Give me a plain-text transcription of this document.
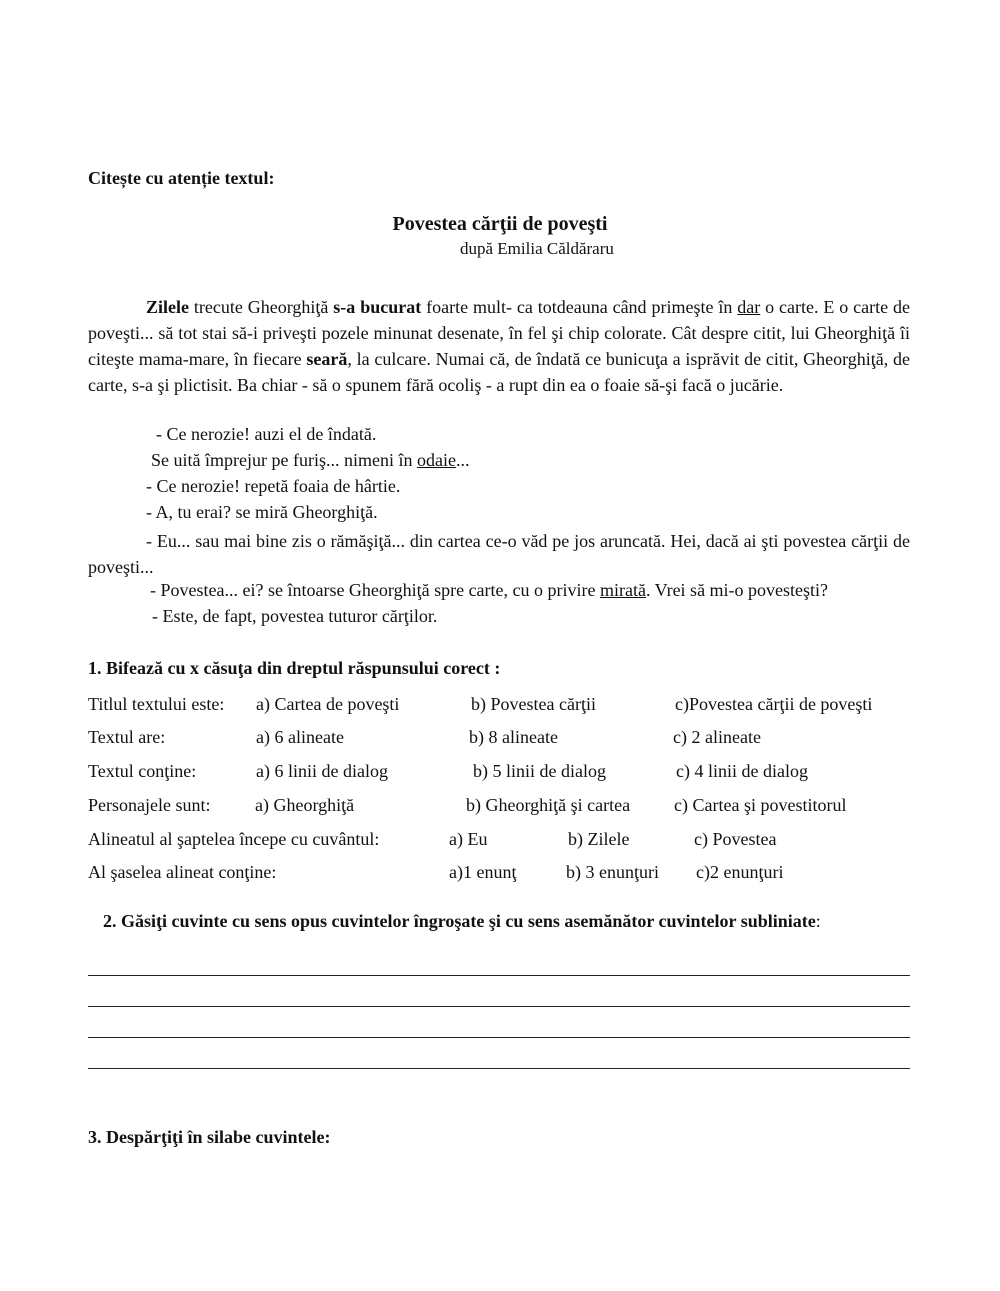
Citește cu atenție textul:
Povestea cărţii de poveşti
după Emilia Căldăraru

Zilele trecute Gheorghiţă s-a bucurat foarte mult- ca totdeauna când primeşte în dar o carte. E o carte de poveşti... să tot stai să-i priveşti pozele minunat desenate, în fel şi chip colorate. Cât despre citit, lui Gheorghiţă îi citeşte mama-mare, în fiecare seară, la culcare. Numai că, de îndată ce bunicuţa a isprăvit de citit, Gheorghiţă, de carte, s-a şi plictisit. Ba chiar - să o spunem fără ocoliş - a rupt din ea o foaie să-şi facă o jucărie.

- Ce nerozie! auzi el de îndată.
Se uită împrejur pe furiş... nimeni în odaie...
- Ce nerozie! repetă foaia de hârtie.
- A, tu erai? se miră Gheorghiţă.

- Eu... sau mai bine zis o rămăşiţă... din cartea ce-o văd pe jos aruncată. Hei, dacă ai şti povestea cărţii de poveşti...

- Povestea... ei? se întoarse Gheorghiţă spre carte, cu o privire mirată. Vrei să mi-o povesteşti?
- Este, de fapt, povestea tuturor cărţilor.
1. Bifează cu x căsuţa din dreptul răspunsului corect :
Titlul textului este: a) Cartea de poveşti	b) Povestea cărţii	c)Povestea cărţii de poveşti
Textul are:	a) 6 alineate	b) 8 alineate	c) 2 alineate
Textul conţine:	a) 6 linii de dialog	b) 5 linii de dialog	c) 4 linii de dialog
Personajele sunt: a) Gheorghiţă	b) Gheorghiţă şi cartea c) Cartea şi povestitorul
Alineatul al şaptelea începe cu cuvântul:	a) Eu	b) Zilele	c) Povestea
Al şaselea alineat conţine:	a)1 enunţ	b) 3 enunţuri c)2 enunţuri
2. Găsiţi cuvinte cu sens opus cuvintelor îngroşate şi cu sens asemănător cuvintelor subliniate:
3. Despărţiţi în silabe cuvintele:
